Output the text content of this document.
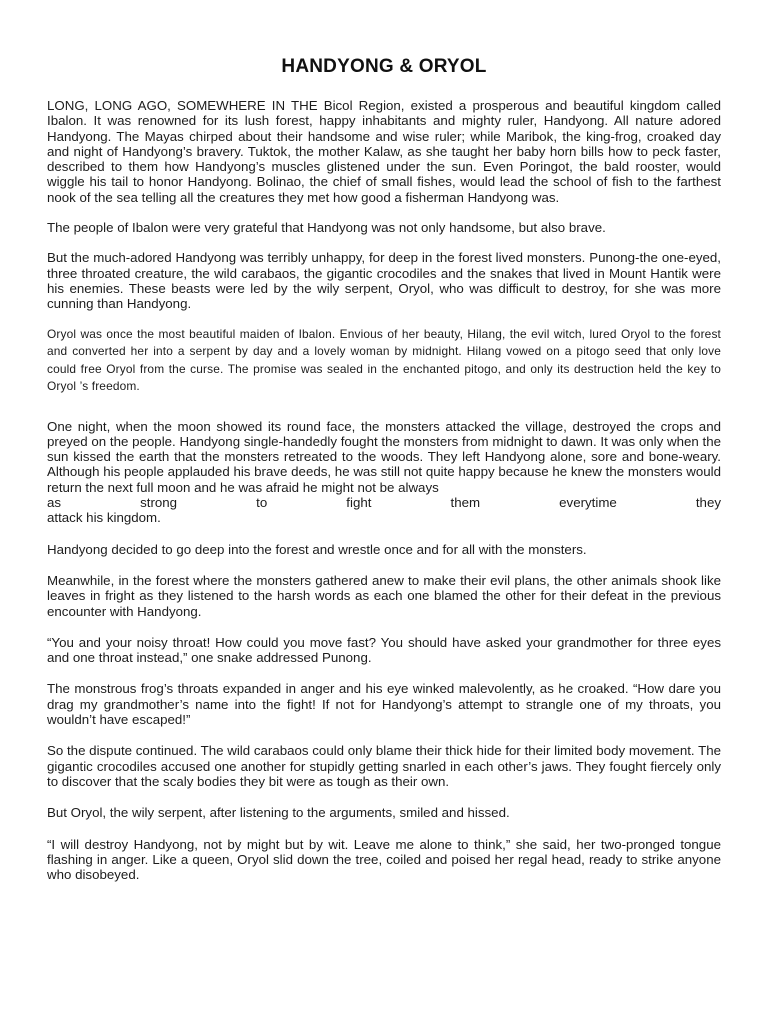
HANDYONG & ORYOL

LONG, LONG AGO, SOMEWHERE IN THE Bicol Region, existed a prosperous and beautiful kingdom called Ibalon. It was renowned for its lush forest, happy inhabitants and mighty ruler, Handyong. All nature adored Handyong. The Mayas chirped about their handsome and wise ruler; while Maribok, the king-frog, croaked day and night of Handyong’s bravery. Tuktok, the mother Kalaw, as she taught her baby horn bills how to peck faster, described to them how Handyong’s muscles glistened under the sun. Even Poringot, the bald rooster, would wiggle his tail to honor Handyong. Bolinao, the chief of small fishes, would lead the school of fish to the farthest nook of the sea telling all the creatures they met how good a fisherman Handyong was.

The people of Ibalon were very grateful that Handyong was not only handsome, but also brave.

But the much-adored Handyong was terribly unhappy, for deep in the forest lived monsters. Punong-the one-eyed, three throated creature, the wild carabaos, the gigantic crocodiles and the snakes that lived in Mount Hantik were his enemies. These beasts were led by the wily serpent, Oryol, who was difficult to destroy, for she was more cunning than Handyong.

Oryol was once the most beautiful maiden of Ibalon. Envious of her beauty, Hilang, the evil witch, lured Oryol to the forest and converted her into a serpent by day and a lovely woman by midnight. Hilang vowed on a pitogo seed that only love could free Oryol from the curse. The promise was sealed in the enchanted pitogo, and only its destruction held the key to Oryol ’s freedom.

One night, when the moon showed its round face, the monsters attacked the village, destroyed the crops and preyed on the people. Handyong single-handedly fought the monsters from midnight to dawn. It was only when the sun kissed the earth that the monsters retreated to the woods. They left Handyong alone, sore and bone-weary. Although his people applauded his brave deeds, he was still not quite happy because he knew the monsters would return the next full moon and he was afraid he might not be always
as strong to fight them everytime they
attack his kingdom.

Handyong decided to go deep into the forest and wrestle once and for all with the monsters.

Meanwhile, in the forest where the monsters gathered anew to make their evil plans, the other animals shook like leaves in fright as they listened to the harsh words as each one blamed the other for their defeat in the previous encounter with Handyong.

“You and your noisy throat! How could you move fast? You should have asked your grandmother for three eyes and one throat instead,” one snake addressed Punong.

The monstrous frog’s throats expanded in anger and his eye winked malevolently, as he croaked. “How dare you drag my grandmother’s name into the fight! If not for Handyong’s attempt to strangle one of my throats, you wouldn’t have escaped!”

So the dispute continued. The wild carabaos could only blame their thick hide for their limited body movement. The gigantic crocodiles accused one another for stupidly getting snarled in each other’s jaws. They fought fiercely only to discover that the scaly bodies they bit were as tough as their own.

But Oryol, the wily serpent, after listening to the arguments, smiled and hissed.

“I will destroy Handyong, not by might but by wit. Leave me alone to think,” she said, her two-pronged tongue flashing in anger. Like a queen, Oryol slid down the tree, coiled and poised her regal head, ready to strike anyone who disobeyed.
